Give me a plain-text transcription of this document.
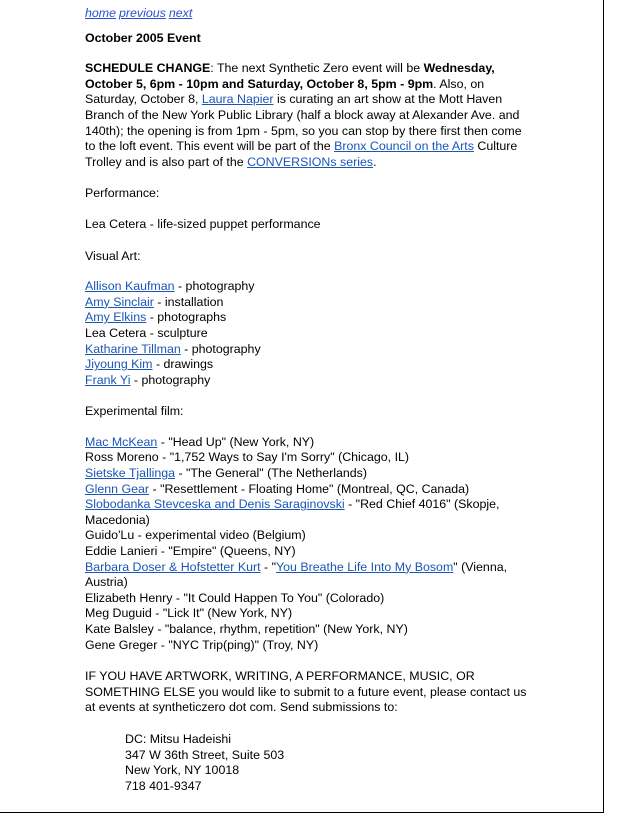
home previous next
October 2005 Event
SCHEDULE CHANGE: The next Synthetic Zero event will be Wednesday, October 5, 6pm - 10pm and Saturday, October 8, 5pm - 9pm. Also, on Saturday, October 8, Laura Napier is curating an art show at the Mott Haven Branch of the New York Public Library (half a block away at Alexander Ave. and 140th); the opening is from 1pm - 5pm, so you can stop by there first then come to the loft event. This event will be part of the Bronx Council on the Arts Culture Trolley and is also part of the CONVERSIONs series.
Performance:
Lea Cetera - life-sized puppet performance
Visual Art:
Allison Kaufman - photography
Amy Sinclair - installation
Amy Elkins - photographs
Lea Cetera - sculpture
Katharine Tillman - photography
Jiyoung Kim - drawings
Frank Yi - photography
Experimental film:
Mac McKean - "Head Up" (New York, NY)
Ross Moreno - "1,752 Ways to Say I'm Sorry" (Chicago, IL)
Sietske Tjallinga - "The General" (The Netherlands)
Glenn Gear - "Resettlement - Floating Home" (Montreal, QC, Canada)
Slobodanka Stevceska and Denis Saraginovski - "Red Chief 4016" (Skopje, Macedonia)
Guido'Lu - experimental video (Belgium)
Eddie Lanieri - "Empire" (Queens, NY)
Barbara Doser & Hofstetter Kurt - "You Breathe Life Into My Bosom" (Vienna, Austria)
Elizabeth Henry - "It Could Happen To You" (Colorado)
Meg Duguid - "Lick It" (New York, NY)
Kate Balsley - "balance, rhythm, repetition" (New York, NY)
Gene Greger - "NYC Trip(ping)" (Troy, NY)
IF YOU HAVE ARTWORK, WRITING, A PERFORMANCE, MUSIC, OR SOMETHING ELSE you would like to submit to a future event, please contact us at events at syntheticzero dot com. Send submissions to:
DC: Mitsu Hadeishi
347 W 36th Street, Suite 503
New York, NY 10018
718 401-9347
